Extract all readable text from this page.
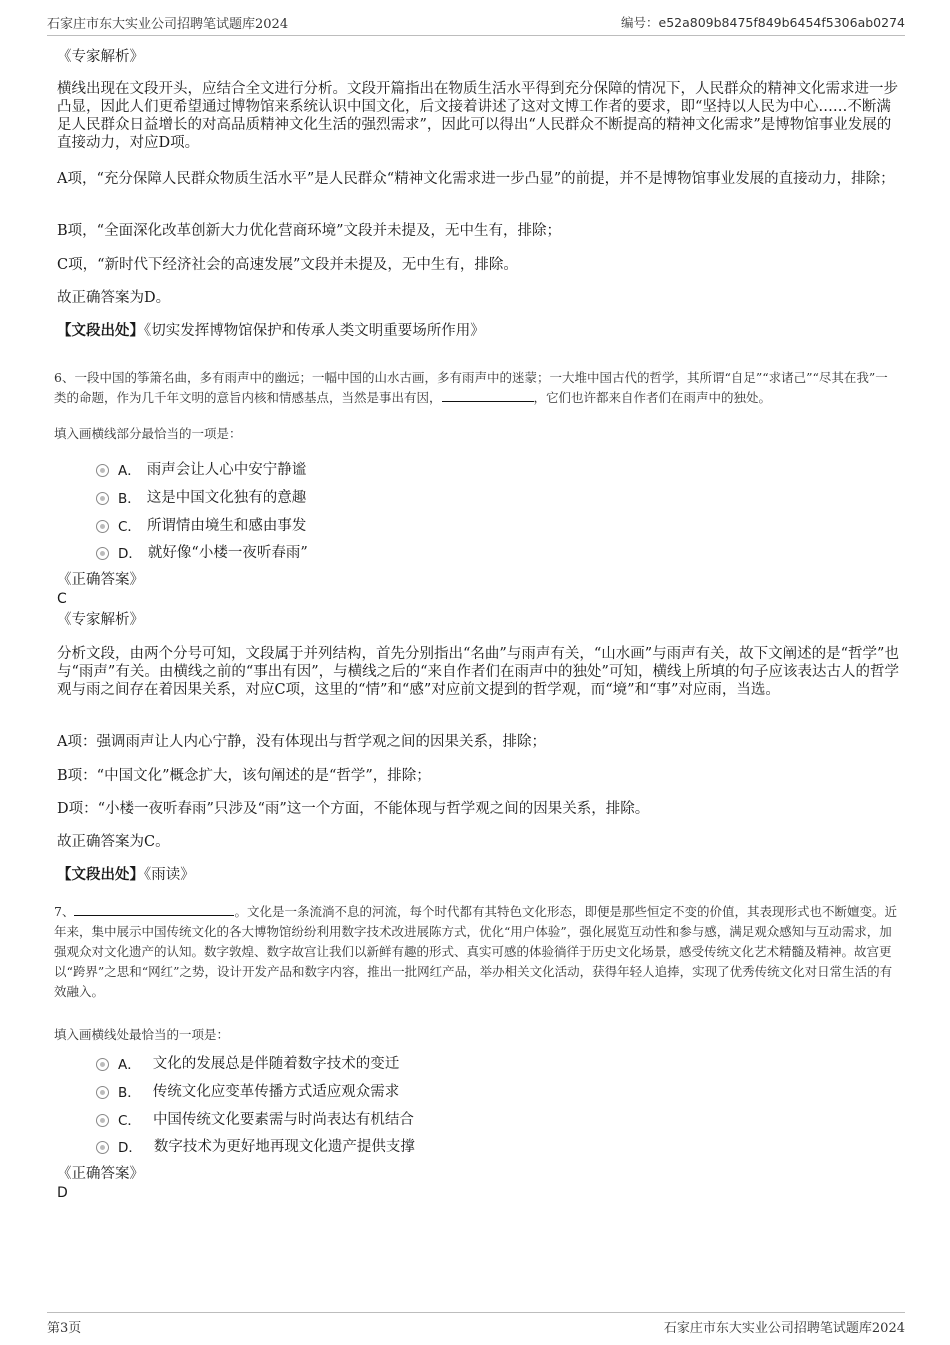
石家庄市东大实业公司招聘笔试题库2024	编号：e52a809b8475f849b6454f5306ab0274
《专家解析》
横线出现在文段开头，应结合全文进行分析。文段开篇指出在物质生活水平得到充分保障的情况下，人民群众的精神文化需求进一步凸显，因此人们更希望通过博物馆来系统认识中国文化，后文接着讲述了这对文博工作者的要求，即“坚持以人民为中心……不断满足人民群众日益增长的对高品质精神文化生活的强烈需求”，因此可以得出“人民群众不断提高的精神文化需求”是博物馆事业发展的直接动力，对应D项。
A项，“充分保障人民群众物质生活水平”是人民群众“精神文化需求进一步凸显”的前提，并不是博物馆事业发展的直接动力，排除；
B项，“全面深化改革创新大力优化营商环境”文段并未提及，无中生有，排除；
C项，“新时代下经济社会的高速发展”文段并未提及，无中生有，排除。
故正确答案为D。
【文段出处】《切实发挥博物馆保护和传承人类文明重要场所作用》
6、一段中国的筝箫名曲，多有雨声中的幽远；一幅中国的山水古画，多有雨声中的迷蒙；一大堆中国古代的哲学，其所谓“自足”“求诸己”“尽其在我”一类的命题，作为几千年文明的意旨内核和情感基点，当然是事出有因，	，它们也许都来自作者们在雨声中的独处。
填入画横线部分最恰当的一项是：
A． 雨声会让人心中安宁静谧
B． 这是中国文化独有的意趣
C． 所谓情由境生和感由事发
D． 就好像“小楼一夜听春雨”
《正确答案》
C
《专家解析》
分析文段，由两个分号可知，文段属于并列结构，首先分别指出“名曲”与雨声有关，“山水画”与雨声有关，故下文阐述的是“哲学”也与“雨声”有关。由横线之前的“事出有因”，与横线之后的“来自作者们在雨声中的独处”可知，横线上所填的句子应该表达古人的哲学观与雨之间存在着因果关系，对应C项，这里的“情”和“感”对应前文提到的哲学观，而“境”和“事”对应雨，当选。
A项：强调雨声让人内心宁静，没有体现出与哲学观之间的因果关系，排除；
B项：“中国文化”概念扩大，该句阐述的是“哲学”，排除；
D项：“小楼一夜听春雨”只涉及“雨”这一个方面，不能体现与哲学观之间的因果关系，排除。
故正确答案为C。
【文段出处】《雨读》
7、	。文化是一条流淌不息的河流，每个时代都有其特色文化形态，即便是那些恒定不变的价值，其表现形式也不断嬗变。近年来，集中展示中国传统文化的各大博物馆纷纷利用数字技术改进展陈方式，优化“用户体验”，强化展览互动性和参与感，满足观众感知与互动需求，加强观众对文化遗产的认知。数字敦煌、数字故宫让我们以新鲜有趣的形式、真实可感的体验徜徉于历史文化场景，感受传统文化艺术精髓及精神。故宫更以“跨界”之思和“网红”之势，设计开发产品和数字内容，推出一批网红产品，举办相关文化活动，获得年轻人追捧，实现了优秀传统文化对日常生活的有效融入。
填入画横线处最恰当的一项是：
A． 文化的发展总是伴随着数字技术的变迁
B． 传统文化应变革传播方式适应观众需求
C． 中国传统文化要素需与时尚表达有机结合
D． 数字技术为更好地再现文化遗产提供支撑
《正确答案》
D
第3页	石家庄市东大实业公司招聘笔试题库2024
